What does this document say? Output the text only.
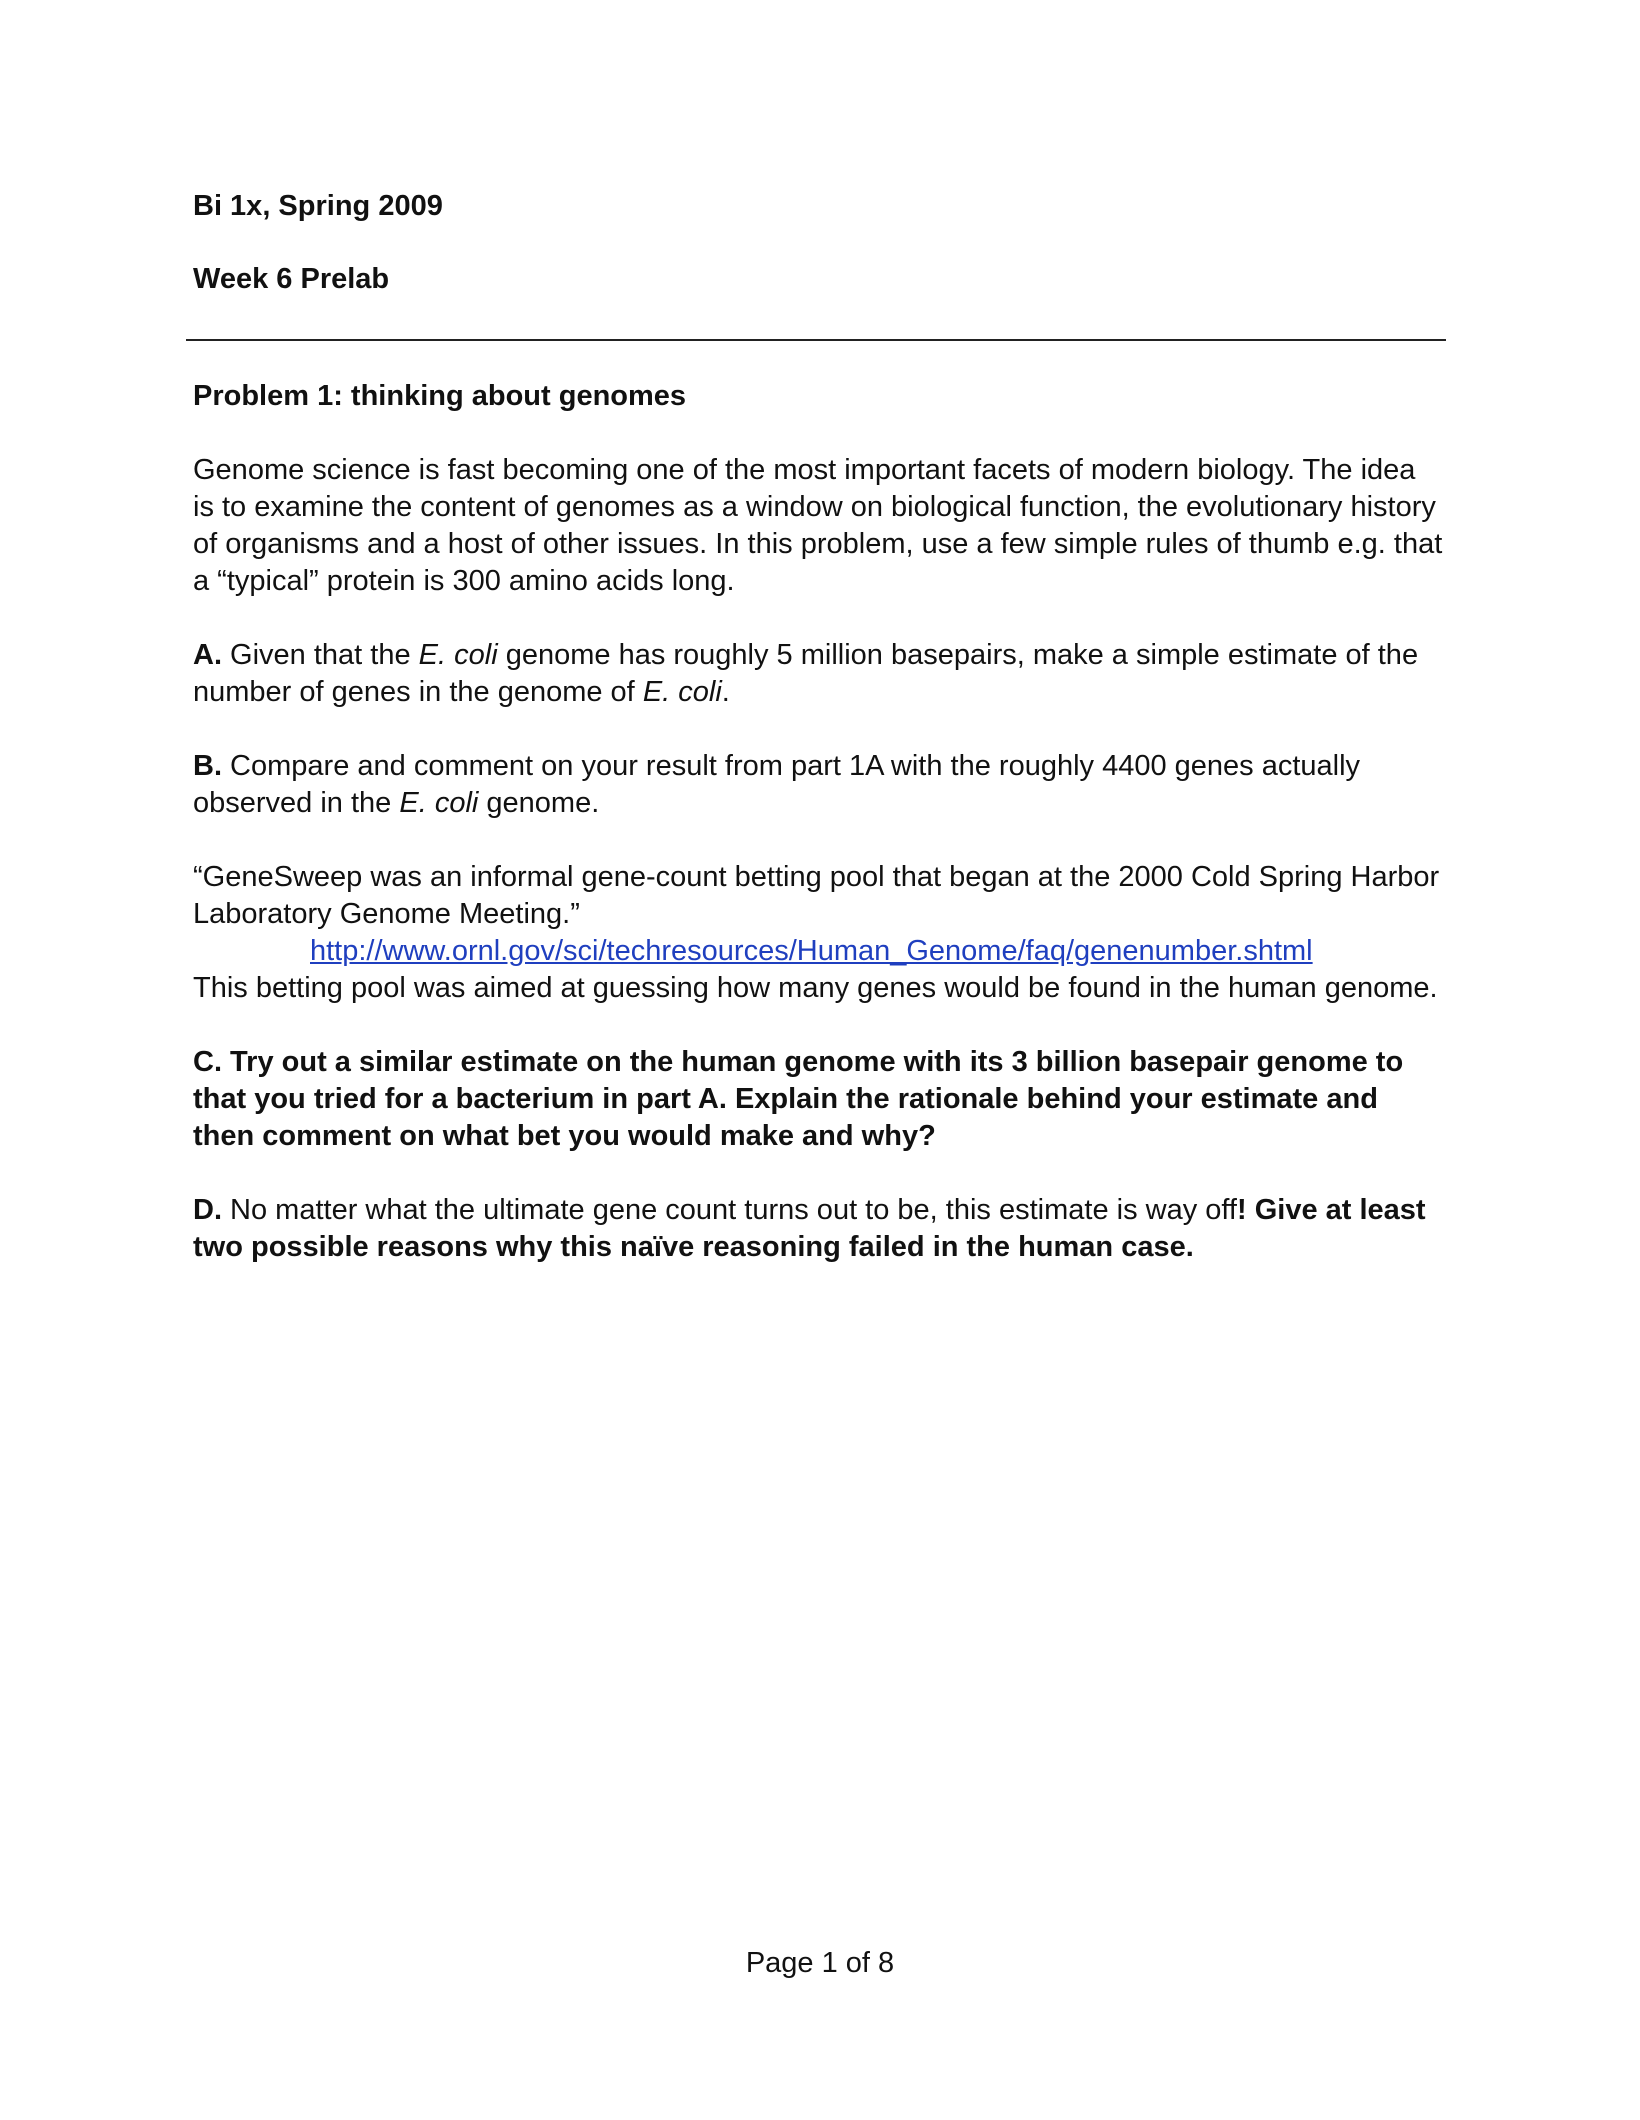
Bi 1x, Spring 2009

Week 6 Prelab

Problem 1: thinking about genomes

Genome science is fast becoming one of the most important facets of modern biology. The idea is to examine the content of genomes as a window on biological function, the evolutionary history of organisms and a host of other issues. In this problem, use a few simple rules of thumb e.g. that a “typical” protein is 300 amino acids long.

A. Given that the E. coli genome has roughly 5 million basepairs, make a simple estimate of the number of genes in the genome of E. coli.

B. Compare and comment on your result from part 1A with the roughly 4400 genes actually observed in the E. coli genome.

“GeneSweep was an informal gene-count betting pool that began at the 2000 Cold Spring Harbor Laboratory Genome Meeting.”
http://www.ornl.gov/sci/techresources/Human_Genome/faq/genenumber.shtml
This betting pool was aimed at guessing how many genes would be found in the human genome.

C. Try out a similar estimate on the human genome with its 3 billion basepair genome to that you tried for a bacterium in part A. Explain the rationale behind your estimate and then comment on what bet you would make and why?

D. No matter what the ultimate gene count turns out to be, this estimate is way off! Give at least two possible reasons why this naïve reasoning failed in the human case.

Page 1 of 8
